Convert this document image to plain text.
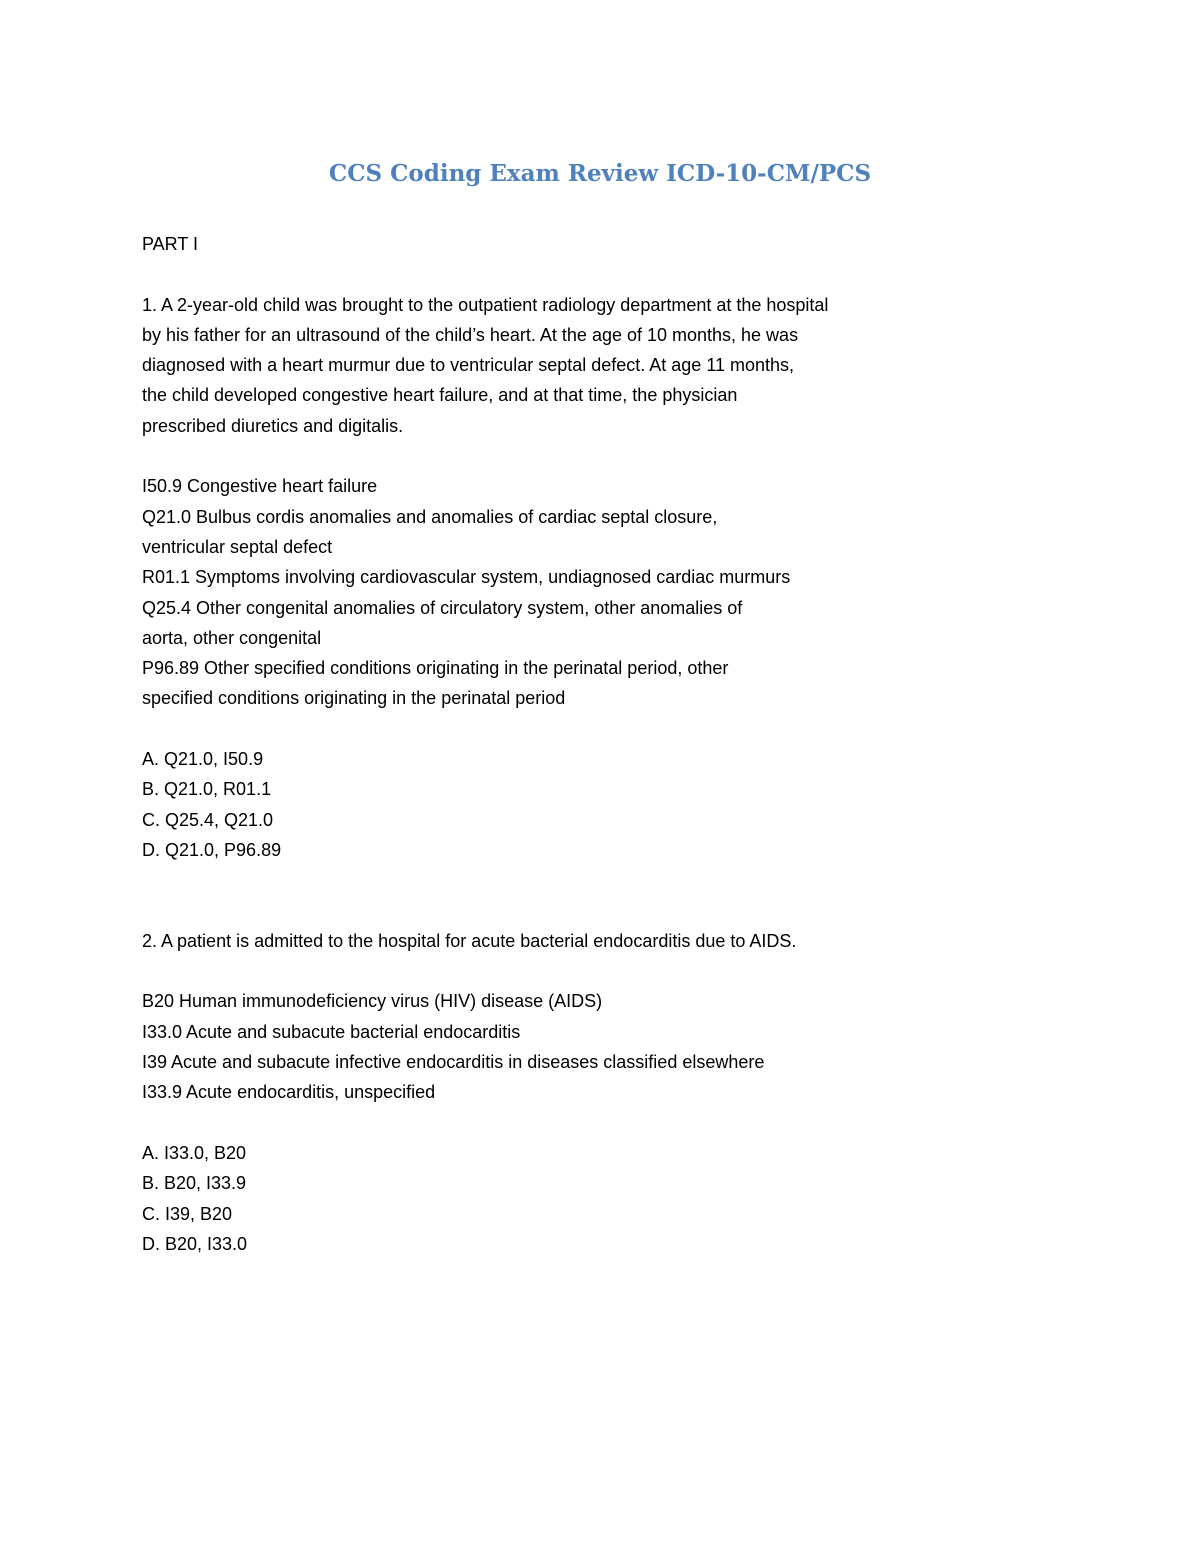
CCS Coding Exam Review ICD-10-CM/PCS
PART I
1. A 2-year-old child was brought to the outpatient radiology department at the hospital
by his father for an ultrasound of the child’s heart. At the age of 10 months, he was
diagnosed with a heart murmur due to ventricular septal defect. At age 11 months,
the child developed congestive heart failure, and at that time, the physician
prescribed diuretics and digitalis.
I50.9 Congestive heart failure
Q21.0 Bulbus cordis anomalies and anomalies of cardiac septal closure,
ventricular septal defect
R01.1 Symptoms involving cardiovascular system, undiagnosed cardiac murmurs
Q25.4 Other congenital anomalies of circulatory system, other anomalies of
aorta, other congenital
P96.89 Other specified conditions originating in the perinatal period, other
specified conditions originating in the perinatal period
A. Q21.0, I50.9
B. Q21.0, R01.1
C. Q25.4, Q21.0
D. Q21.0, P96.89
2. A patient is admitted to the hospital for acute bacterial endocarditis due to AIDS.
B20 Human immunodeficiency virus (HIV) disease (AIDS)
I33.0 Acute and subacute bacterial endocarditis
I39 Acute and subacute infective endocarditis in diseases classified elsewhere
I33.9 Acute endocarditis, unspecified
A. I33.0, B20
B. B20, I33.9
C. I39, B20
D. B20, I33.0
